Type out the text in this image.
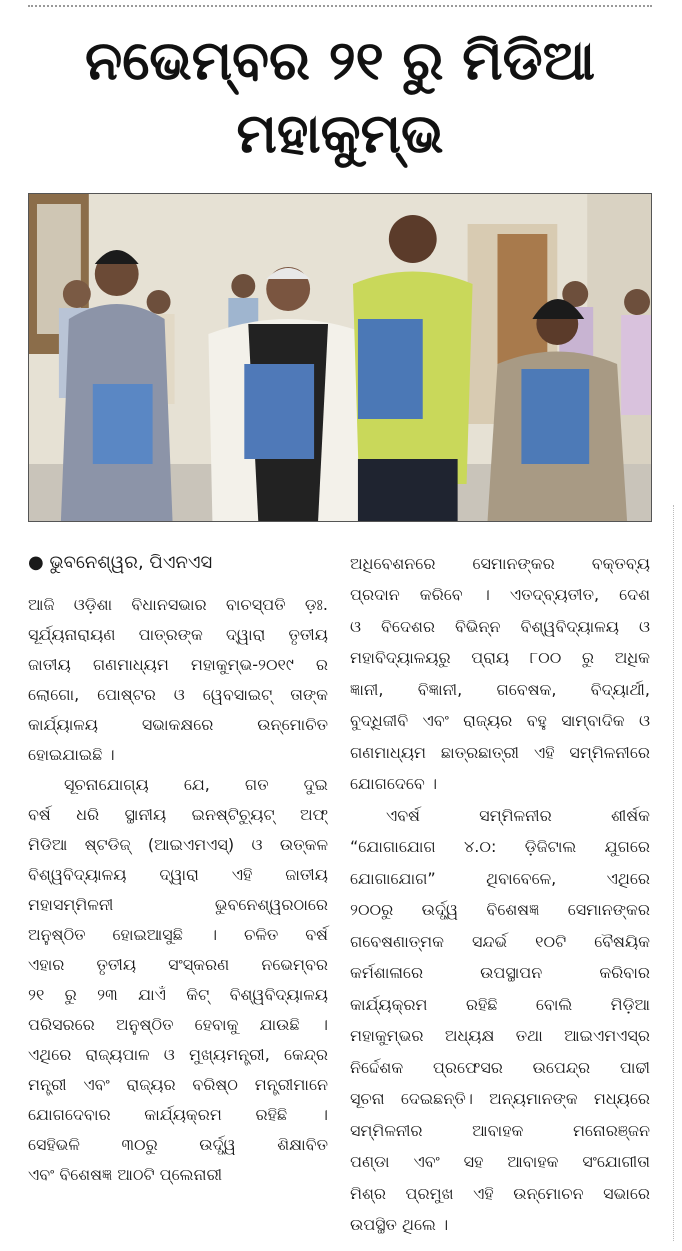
ନଭେମ୍ବର ୨୧ ରୁ ମିଡିଆ ମହାକୁମ୍ଭ
● ଭୁବନେଶ୍ୱର, ପିଏନଏସ
ଆଜି ଓଡ଼ିଶା ବିଧାନସଭାର ବାଚସ୍ପତି ଡ଼ଃ.
ସୂର୍ଯ୍ୟନାରାୟଣ ପାତ୍ରଙ୍କ ଦ୍ୱାରା ତୃତୀୟ
ଜାତୀୟ ଗଣମାଧ୍ୟମ ମହାକୁମ୍ଭ-୨୦୧୯ ର
ଲୋଗୋ, ପୋଷ୍ଟର ଓ ୱେବସାଇଟ୍ ତାଙ୍କ
କାର୍ଯ୍ୟାଳୟ ସଭାକକ୍ଷରେ ଉନ୍ମୋଚିତ
ହୋଇଯାଇଛି ।
ସୂଚନାଯୋଗ୍ୟ ଯେ, ଗତ ଦୁଇ
ବର୍ଷ ଧରି ସ୍ଥାନୀୟ ଇନଷ୍ଟିଚ୍ୟୁଟ୍ ଅଫ୍
ମିଡିଆ ଷ୍ଟଡିଜ୍ (ଆଇଏମଏସ୍) ଓ ଉତ୍କଳ
ବିଶ୍ୱବିଦ୍ୟାଳୟ ଦ୍ୱାରା ଏହି ଜାତୀୟ
ମହାସମ୍ମିଳନୀ ଭୁବନେଶ୍ୱରଠାରେ
ଅନୁଷ୍ଠିତ ହୋଇଆସୁଛି । ଚଳିତ ବର୍ଷ
ଏହାର ତୃତୀୟ ସଂସ୍କରଣ ନଭେମ୍ବର
୨୧ ରୁ ୨୩ ଯାଏଁ କିଟ୍ ବିଶ୍ୱବିଦ୍ୟାଳୟ
ପରିସରରେ ଅନୁଷ୍ଠିତ ହେବାକୁ ଯାଉଛି ।
ଏଥିରେ ରାଜ୍ୟପାଳ ଓ ମୁଖ୍ୟମନ୍ତ୍ରୀ, କେନ୍ଦ୍ର
ମନ୍ତ୍ରୀ ଏବଂ ରାଜ୍ୟର ବରିଷ୍ଠ ମନ୍ତ୍ରୀମାନେ
ଯୋଗଦେବାର କାର୍ଯ୍ୟକ୍ରମ ରହିଛି ।
ସେହିଭଳି ୩୦ରୁ ଉର୍ଦ୍ଧ୍ୱ ଶିକ୍ଷାବିତ
ଏବଂ ବିଶେଷଜ୍ଞ ଆଠଟି ପ୍ଲେନାରୀ
ଅଧିବେଶନରେ ସେମାନଙ୍କର ବକ୍ତବ୍ୟ
ପ୍ରଦାନ କରିବେ । ଏତଦ୍ବ୍ୟତୀତ, ଦେଶ
ଓ ବିଦେଶର ବିଭିନ୍ନ ବିଶ୍ୱବିଦ୍ୟାଳୟ ଓ
ମହାବିଦ୍ୟାଳୟରୁ ପ୍ରାୟ ୮୦୦ ରୁ ଅଧିକ
ଜ୍ଞାନୀ, ବିଜ୍ଞାନୀ, ଗବେଷକ, ବିଦ୍ୟାର୍ଥୀ,
ବୁଦ୍ଧିଜୀବି ଏବଂ ରାଜ୍ୟର ବହୁ ସାମ୍ବାଦିକ ଓ
ଗଣମାଧ୍ୟମ ଛାତ୍ରଛାତ୍ରୀ ଏହି ସମ୍ମିଳନୀରେ
ଯୋଗଦେବେ ।
ଏବର୍ଷ ସମ୍ମିଳନୀର ଶୀର୍ଷକ
“ଯୋଗାଯୋଗ ୪.୦: ଡ଼ିଜିଟାଲ ଯୁଗରେ
ଯୋଗାଯୋଗ” ଥିବାବେଳେ, ଏଥିରେ
୨୦୦ରୁ ଉର୍ଦ୍ଧ୍ୱ ବିଶେଷଜ୍ଞ ସେମାନଙ୍କର
ଗବେଷଣାତ୍ମକ ସନ୍ଦର୍ଭ ୧୦ଟି ବୈଷୟିକ
କର୍ମଶାଳାରେ ଉପସ୍ଥାପନ କରିବାର
କାର୍ଯ୍ୟକ୍ରମ ରହିଛି ବୋଲି ମିଡ଼ିଆ
ମହାକୁମ୍ଭର ଅଧ୍ୟକ୍ଷ ତଥା ଆଇଏମଏସ୍ର
ନିର୍ଦ୍ଦେଶକ ପ୍ରଫେସର ଉପେନ୍ଦ୍ର ପାଢୀ
ସୂଚନା ଦେଇଛନ୍ତି। ଅନ୍ୟମାନଙ୍କ ମଧ୍ୟରେ
ସମ୍ମିଳନୀର ଆବାହକ ମନୋରଞ୍ଜନ
ପଣ୍ଡା ଏବଂ ସହ ଆବାହକ ସଂଯୋଗୀତା
ମିଶ୍ର ପ୍ରମୁଖ ଏହି ଉନ୍ମୋଚନ ସଭାରେ
ଉପସ୍ଥିତ ଥିଲେ ।
